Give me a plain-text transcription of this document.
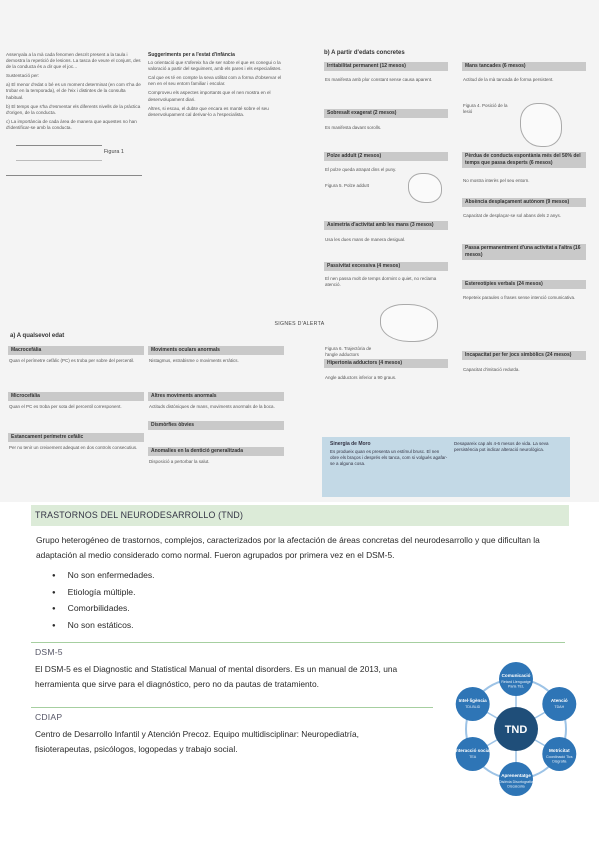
Assenyala a la mà cada fenomen descrit present a la taula i demostra la repetició de lesions. La tasca de veure el conjunt, des de la conducta és a dir que el joc...

Sustentació per:

a) El menor d'edat o bé es un moment determinat (en com s'ha de trobar en la temporada), el de l'eix i distintes de la consulta habitual.

b) El temps que s'ha d'esmentar els diferents nivells de la pràctica d'origen, de la conducta.

c) La importància de cada àrea de manera que aquestes no han d'identificar-se amb la conducta.

Figura 1
Suggeriments per a l'estat d'infància

Lo orientació que s'ofereix ha de ser sobre el que es conegui o la valoració a partir del seguiment, amb els pares i els especialistes.

Cal que es té en compte la seva utilitat com a forma d'observar el nen en el seu entorn familiar i escolar.

Comproveu els aspectes importants que el nen mostra en el desenvolupament diari.

Altres, si escau, el dubte que encara es manté sobre el seu desenvolupament cal derivar-lo a l'especialista.

SIGNES D'ALERTA
a) A qualsevol edat
Macrocefàlia
Quan el perímetre cefàlic (PC) es troba per sobre del percentil.
Microcefàlia
Quan el PC es troba per sota del percentil corresponent.
Estancament perímetre cefàlic
Per no tenir un creixement adequat en dos controls consecutius.
Moviments oculars anormals
Nistagmus, estrabisme o moviments erràtics.
Altres moviments anormals
Actituds distòniques de mans, moviments anormals de la boca.
Dismòrfies òbvies
Anomalies en la dentició generalitzada
Disposició a pertorbar la salut.
b) A partir d'edats concretes
Irritabilitat permanent (12 mesos)
Es manifesta amb plor constant sense causa aparent.
Sobresalt exagerat (2 mesos)
Es manifesta davant sorolls.
Polze adduït (2 mesos)
El polze queda atrapat dins el puny.
Figura 5. Polze adduït
Asimetria d'activitat amb les mans (3 mesos)
Usa les dues mans de manera desigual.
Passivitat excessiva (4 mesos)
El nen passa molt de temps dormint o quiet, no reclama atenció.
Figura 6. Trajectòria de l'angle adductors
Hipertonia adductors (4 mesos)
Angle adductors inferior a 90 graus.
Mans tancades (6 mesos)
Actitud de la mà tancada de forma persistent.
Figura 4. Posició de la lesió
Pèrdua de conducta espontània més del 50% del temps que passa desperts (6 mesos)
No mostra interès pel seu entorn.
Absència desplaçament autònom (9 mesos)
Capacitat de desplaçar-se sol abans dels 2 anys.
Passa permanentment d'una activitat a l'altra (16 mesos)
Estereotípies verbals (24 mesos)
Repeteix paraules o frases sense intenció comunicativa.
Incapacitat per fer jocs simbòlics (24 mesos)
Capacitat d'imitació reduïda.
Sinergia de Moro
Es produeix quan es presenta un estímul brusc. El nen obre els braços i després els tanca, com si volgués agafar-se a alguna cosa.
Desapareix cap als 4-6 mesos de vida. La seva persistència pot indicar alteració neurològica.
TRASTORNOS DEL NEURODESARROLLO (TND)
Grupo heterogéneo de trastornos, complejos, caracterizados por la afectación de áreas concretas del neurodesarrollo y que dificultan la adaptación al medio considerado como normal. Fueron agrupados por primera vez en el DSM-5.
● No son enfermedades.
● Etiología múltiple.
● Comorbilidades.
● No son estáticos.
DSM-5
El DSM-5 es el Diagnostic and Statistical Manual of mental disorders. Es un manual de 2013, una herramienta que sirve para el diagnóstico, pero no da pautas de tratamiento.
CDIAP
Centro de Desarrollo Infantil y Atención Precoz. Equipo multidisciplinar: Neuropediatría, fisioterapeutas, psicólogos, logopedas y trabajo social.
Comunicació
Retard Llenguatge
Parla TEL
Atenció
TDAH
Motricitat
Coordinació Tics
Disgrafia
Aprenentatge
Dislèxia Disortografia
Discalcúlia
Interacció social
TEA
Intel·ligència
TDI-BLID
TND
